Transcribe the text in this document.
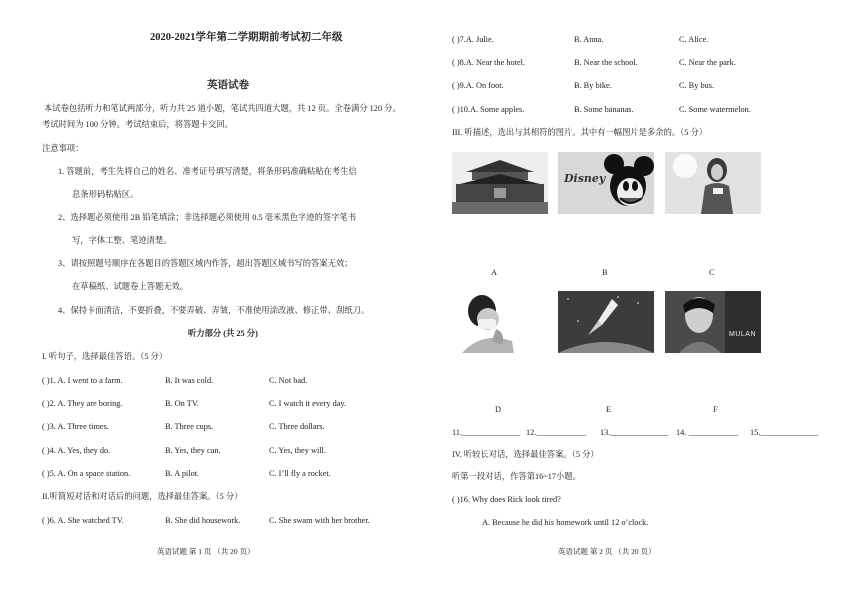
2020-2021学年第二学期期前考试初二年级
英语试卷
本试卷包括听力和笔试两部分，听力共 25 道小题，笔试共四道大题，共 12 页。全卷满分 120 分。
考试时间为 100 分钟。考试结束后，将答题卡交回。
注意事项：
1. 答题前，考生先将自己的姓名、准考证号填写清楚，将条形码准确粘贴在考生信
息条形码粘贴区。
2、选择题必须使用 2B 铅笔填涂；非选择题必须使用 0.5 毫米黑色字迹的签字笔书
写，字体工整、笔迹清楚。
3、请按照题号顺序在各题目的答题区域内作答，超出答题区域书写的答案无效；
在草稿纸、试题卷上答题无效。
4、保持卡面清洁，不要折叠，不要弄破、弄皱，不准使用涂改液、修正带、刮纸刀。
听力部分 (共 25 分)
I. 听句子，选择最佳答语。（5 分）
( )1. A. I went to a farm.	B. It was cold.	C. Not bad.
( )2. A. They are boring.	B. On TV.	C. I watch it every day.
( )3. A. Three times.	B. Three cups.	C. Three dollars.
( )4. A. Yes, they do.	B. Yes, they can.	C. Yes, they will.
( )5. A. On a space station.	B. A pilot.	C. I’ll fly a rocket.
II.听简短对话和对话后的问题，选择最佳答案。（5 分）
( )6. A. She watched TV.	B. She did housework.	C. She swam with her brother.
英语试题 第 1 页 （共 20 页）
( )7.A. Julie.	B. Anna.	C. Alice.
( )8.A. Near the hotel.	B. Near the school.	C. Near the park.
( )9.A. On foot.	B. By bike.	C. By bus.
( )10.A. Some apples.	B. Some bananas.	C. Some watermelon.
III. 听描述，选出与其相符的图片。其中有一幅图片是多余的。（5 分）
Disney
A	B	C
MULAN
D	E	F
11.______________ 12.____________ 13.______________ 14. ____________ 15.______________
IV. 听较长对话，选择最佳答案。（5 分）
听第一段对话，作答第16~17小题。
( )16. Why does Rick look tired?
A. Because he did his homework until 12 o’clock.
英语试题 第 2 页 （共 20 页）
